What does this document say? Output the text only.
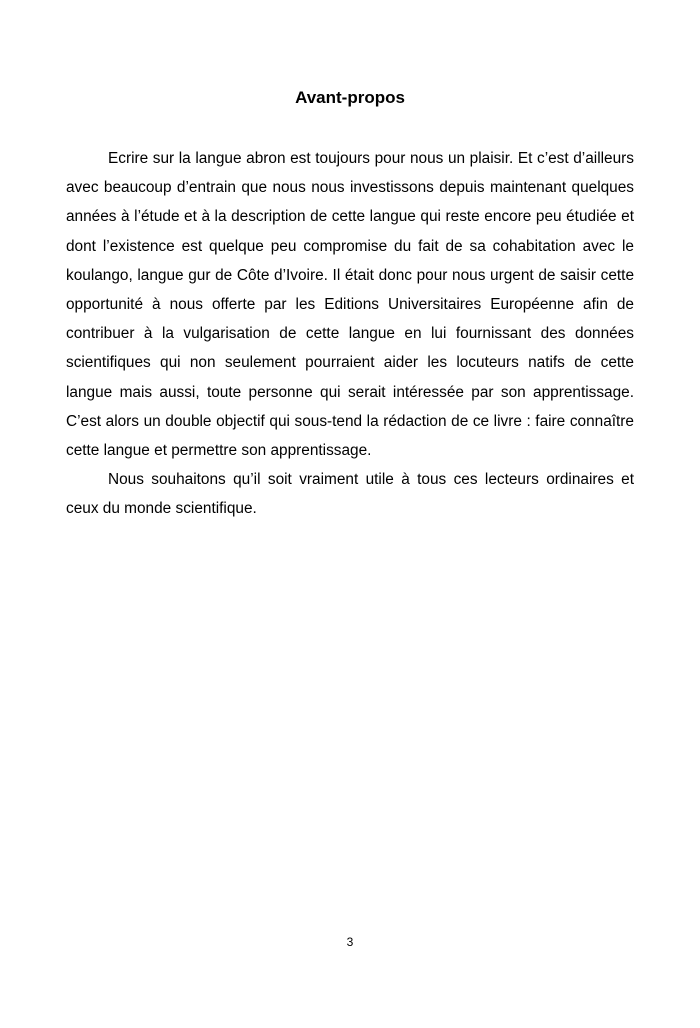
Avant-propos

Ecrire sur la langue abron est toujours pour nous un plaisir. Et c’est d’ailleurs avec beaucoup d’entrain que nous nous investissons depuis maintenant quelques années à l’étude et à la description de cette langue qui reste encore peu étudiée et dont l’existence est quelque peu compromise du fait de sa cohabitation avec le koulango, langue gur de Côte d’Ivoire. Il était donc pour nous urgent de saisir cette opportunité à nous offerte par les Editions Universitaires Européenne afin de contribuer à la vulgarisation de cette langue en lui fournissant des données scientifiques qui non seulement pourraient aider les locuteurs natifs de cette langue mais aussi, toute personne qui serait intéressée par son apprentissage. C’est alors un double objectif qui sous-tend la rédaction de ce livre : faire connaître cette langue et permettre son apprentissage.

Nous souhaitons qu’il soit vraiment utile à tous ces lecteurs ordinaires et ceux du monde scientifique.

3
